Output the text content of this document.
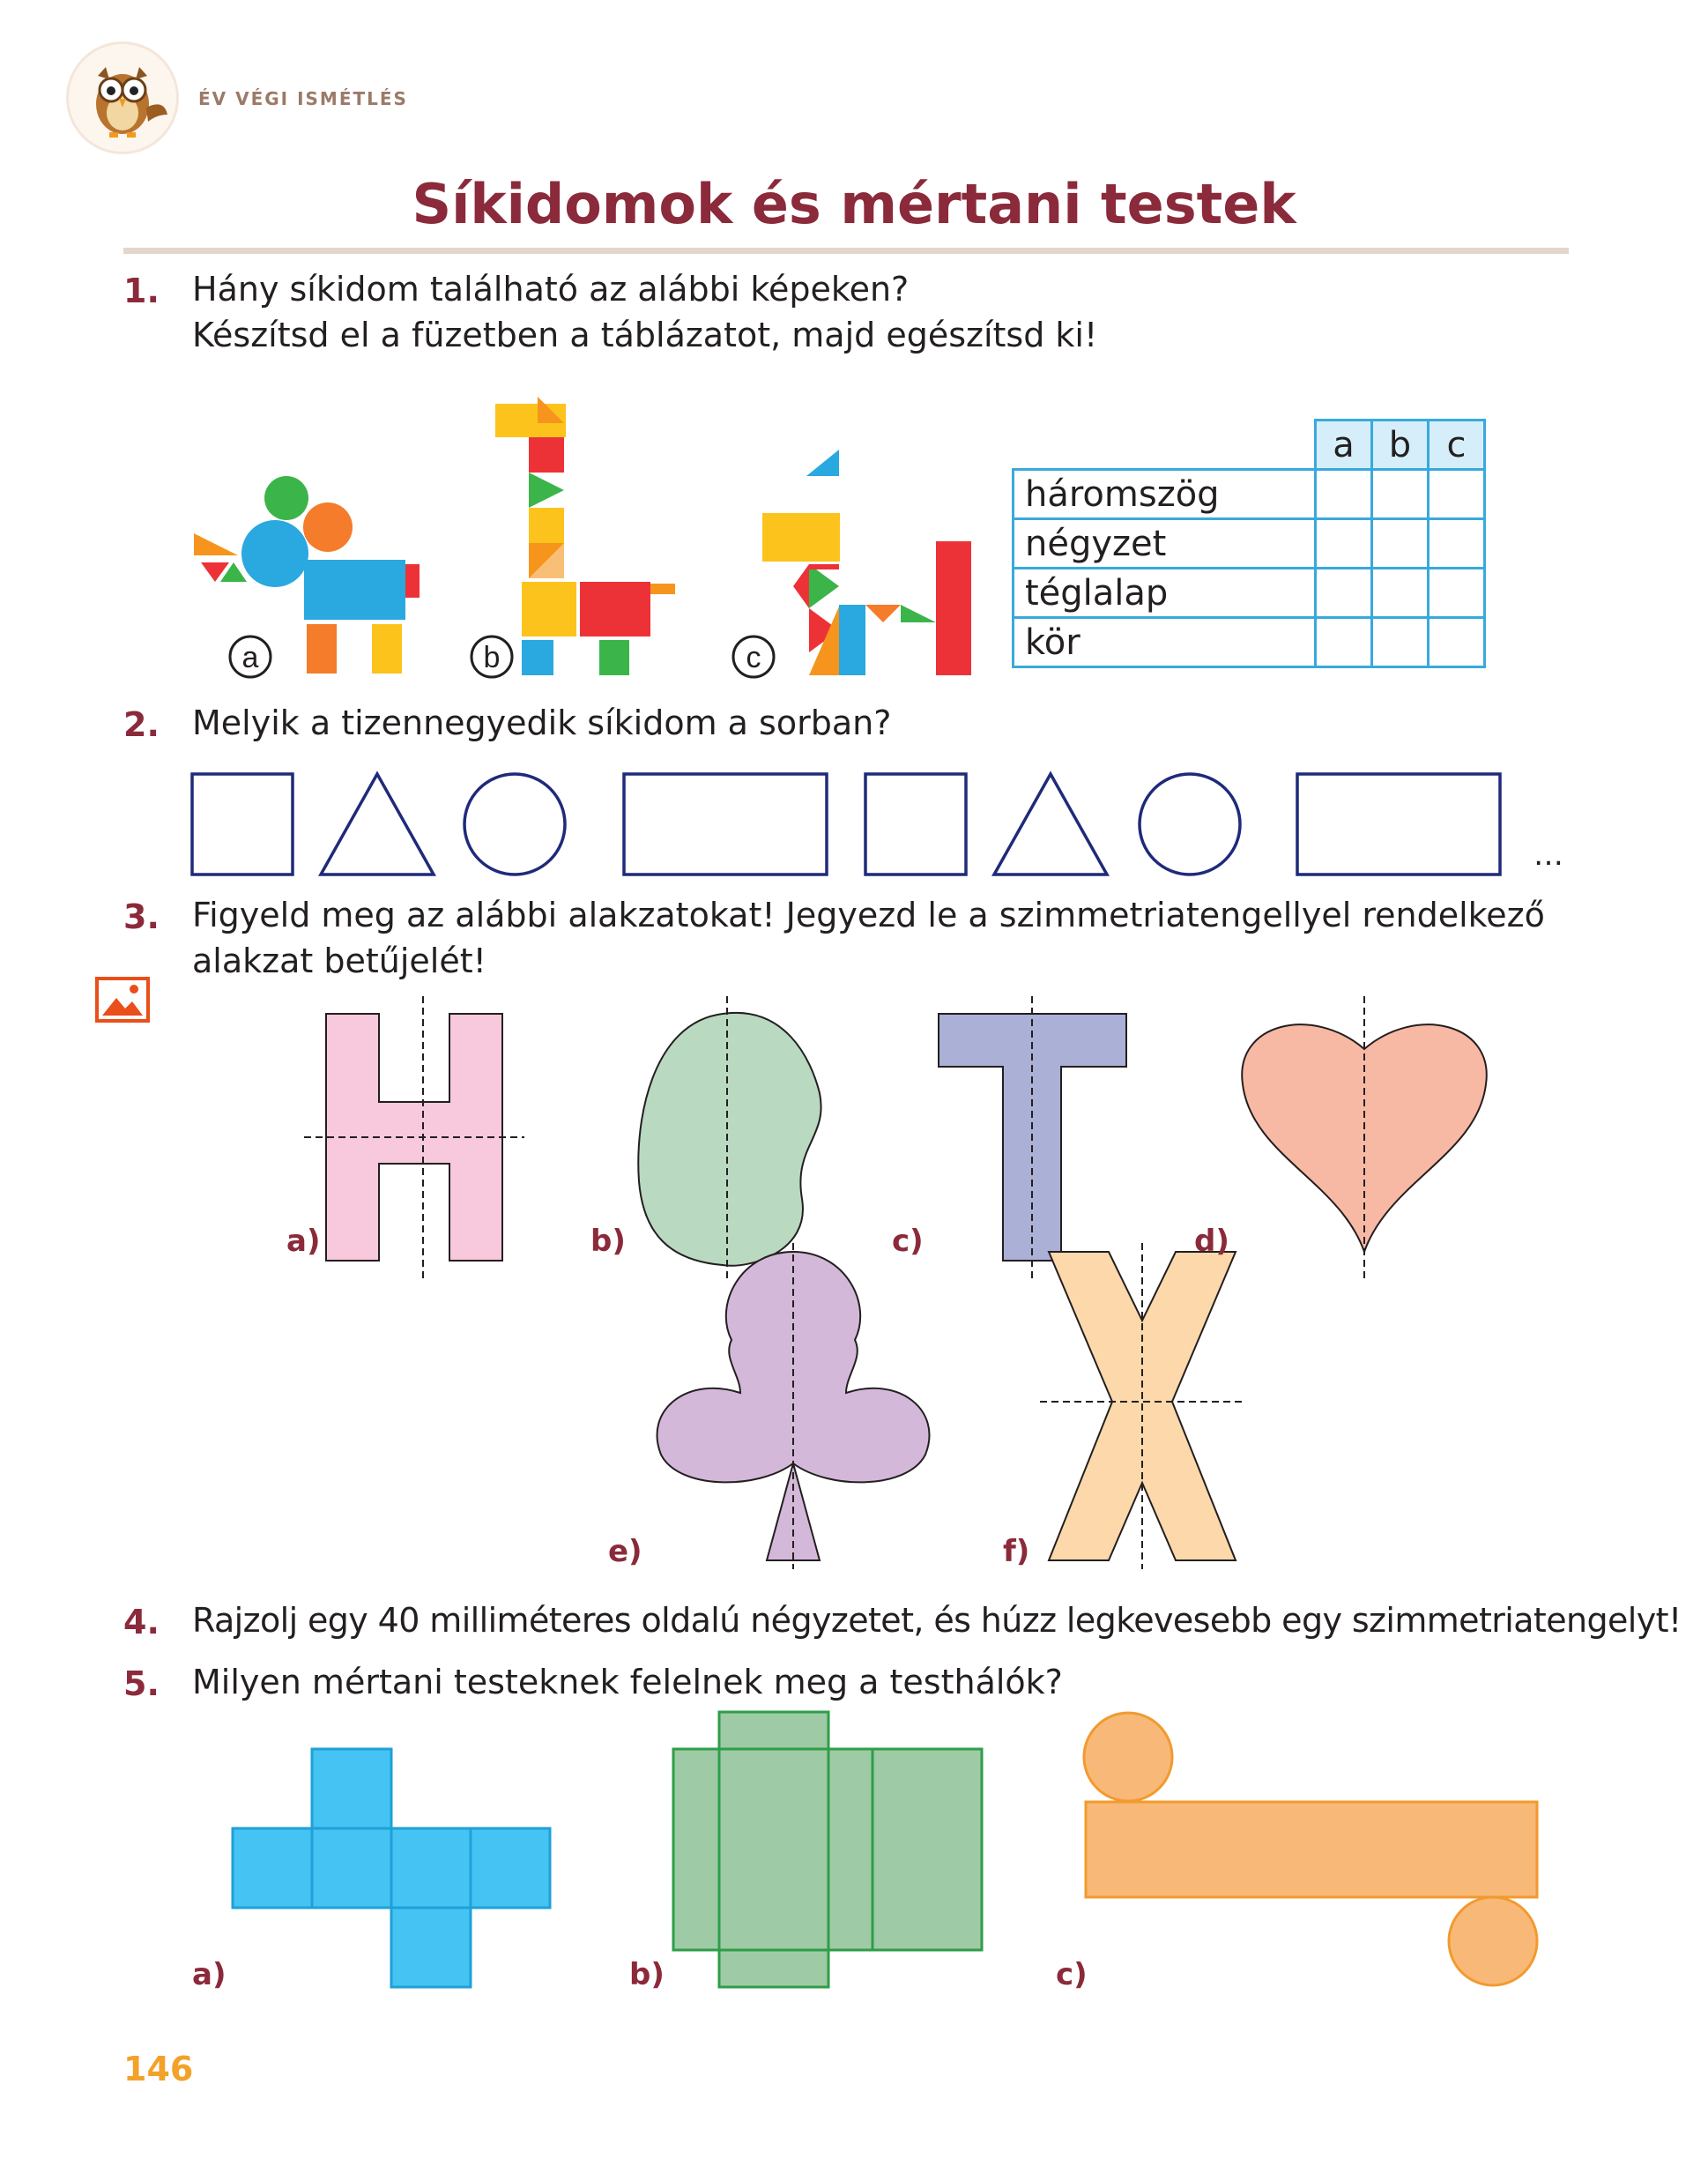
ÉV VÉGI ISMÉTLÉS
Síkidomok és mértani testek
1. Hány síkidom található az alábbi képeken?
Készítsd el a füzetben a táblázatot, majd egészítsd ki!
a	b	c
	a	b	c
háromszög			
négyzet			
téglalap			
kör			
2. Melyik a tizennegyedik síkidom a sorban?
…
3. Figyeld meg az alábbi alakzatokat! Jegyezd le a szimmetriatengellyel rendelkező
alakzat betűjelét!
a)	b)	c)	d)
e)	f)
4. Rajzolj egy 40 milliméteres oldalú négyzetet, és húzz legkevesebb egy szimmetriatengelyt!
5. Milyen mértani testeknek felelnek meg a testhálók?
a)	b)	c)
146
